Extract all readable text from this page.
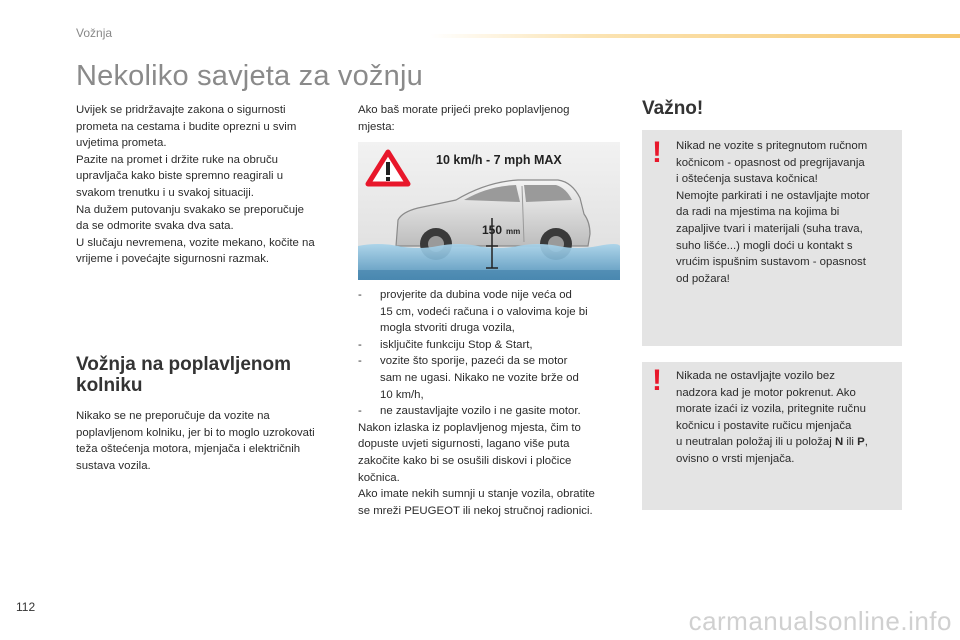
Vožnja
Nekoliko savjeta za vožnju
Uvijek se pridržavajte zakona o sigurnosti
prometa na cestama i budite oprezni u svim
uvjetima prometa.
Pazite na promet i držite ruke na obruču
upravljača kako biste spremno reagirali u
svakom trenutku i u svakoj situaciji.
Na dužem putovanju svakako se preporučuje
da se odmorite svaka dva sata.
U slučaju nevremena, vozite mekano, kočite na
vrijeme i povećajte sigurnosni razmak.
Vožnja na poplavljenom
kolniku
Nikako se ne preporučuje da vozite na
poplavljenom kolniku, jer bi to moglo uzrokovati
teža oštećenja motora, mjenjača i električnih
sustava vozila.
Ako baš morate prijeći preko poplavljenog
mjesta:
10 km/h - 7 mph MAX
150 mm
- provjerite da dubina vode nije veća od
15 cm, vodeći računa i o valovima koje bi
mogla stvoriti druga vozila,
- isključite funkciju Stop & Start,
- vozite što sporije, pazeći da se motor
sam ne ugasi. Nikako ne vozite brže od
10 km/h,
- ne zaustavljajte vozilo i ne gasite motor.
Nakon izlaska iz poplavljenog mjesta, čim to
dopuste uvjeti sigurnosti, lagano više puta
zakočite kako bi se osušili diskovi i pločice
kočnica.
Ako imate nekih sumnji u stanje vozila, obratite
se mreži PEUGEOT ili nekoj stručnoj radionici.
Važno!
! Nikad ne vozite s pritegnutom ručnom
kočnicom - opasnost od pregrijavanja
i oštećenja sustava kočnica!
Nemojte parkirati i ne ostavljajte motor
da radi na mjestima na kojima bi
zapaljive tvari i materijali (suha trava,
suho lišće...) mogli doći u kontakt s
vrućim ispušnim sustavom - opasnost
od požara!
! Nikada ne ostavljajte vozilo bez
nadzora kad je motor pokrenut. Ako
morate izaći iz vozila, pritegnite ručnu
kočnicu i postavite ručicu mjenjača
u neutralan položaj ili u položaj N ili P,
ovisno o vrsti mjenjača.
112	carmanualsonline.info
